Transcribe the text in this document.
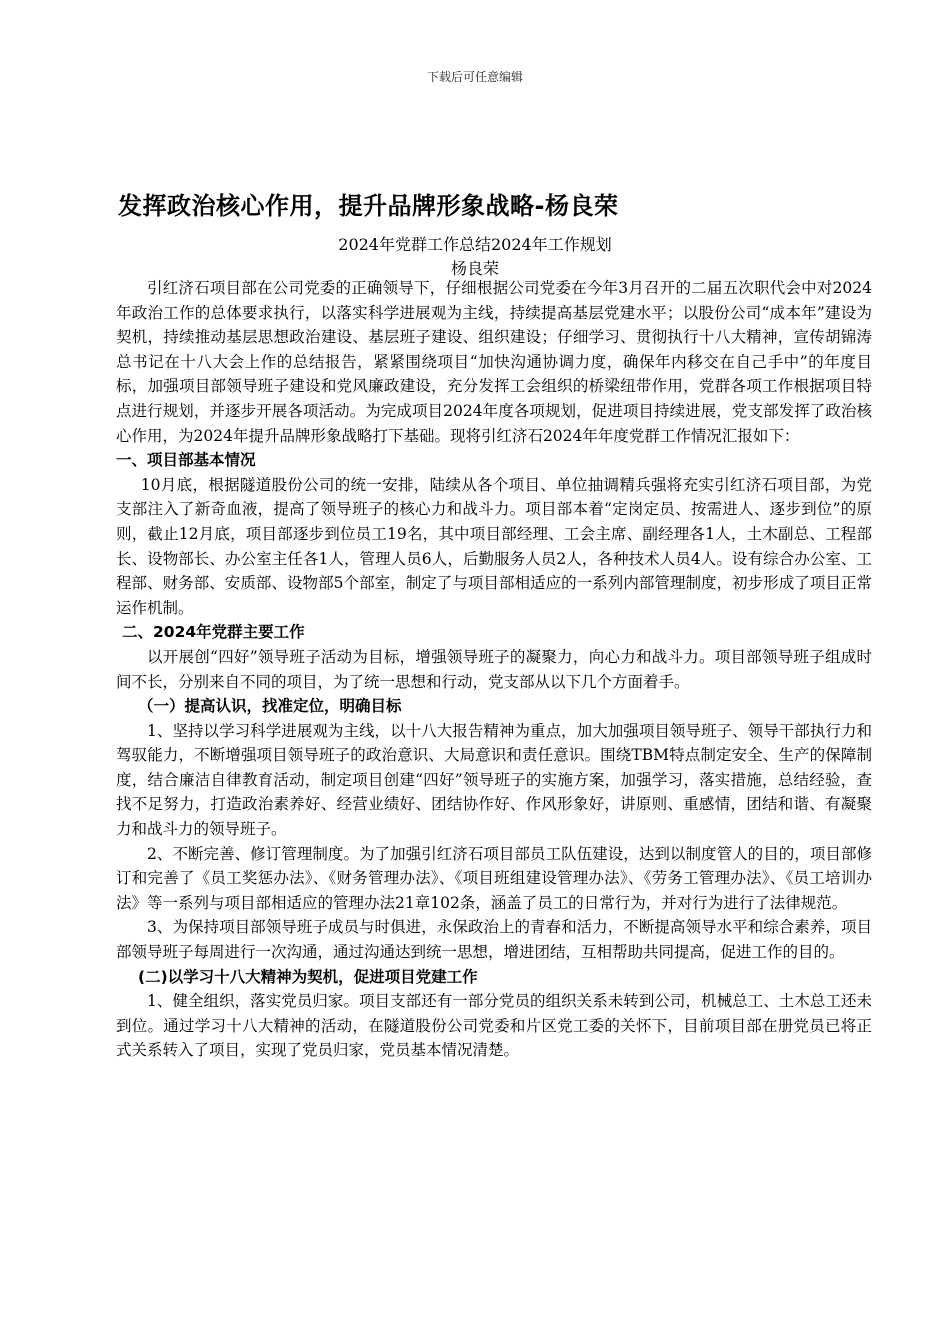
下载后可任意编辑
发挥政治核心作用，提升品牌形象战略-杨良荣
2024年党群工作总结2024年工作规划
杨良荣

引红济石项目部在公司党委的正确领导下，仔细根据公司党委在今年3月召开的二届五次职代会中对2024年政治工作的总体要求执行，以落实科学进展观为主线，持续提高基层党建水平；以股份公司“成本年”建设为契机，持续推动基层思想政治建设、基层班子建设、组织建设；仔细学习、贯彻执行十八大精神，宣传胡锦涛总书记在十八大会上作的总结报告，紧紧围绕项目“加快沟通协调力度，确保年内移交在自己手中”的年度目标，加强项目部领导班子建设和党风廉政建设，充分发挥工会组织的桥梁纽带作用，党群各项工作根据项目特点进行规划，并逐步开展各项活动。为完成项目2024年度各项规划，促进项目持续进展，党支部发挥了政治核心作用，为2024年提升品牌形象战略打下基础。现将引红济石2024年年度党群工作情况汇报如下：

一、项目部基本情况

10月底，根据隧道股份公司的统一安排，陆续从各个项目、单位抽调精兵强将充实引红济石项目部，为党支部注入了新奇血液，提高了领导班子的核心力和战斗力。项目部本着“定岗定员、按需进人、逐步到位”的原则，截止12月底，项目部逐步到位员工19名，其中项目部经理、工会主席、副经理各1人，土木副总、工程部长、设物部长、办公室主任各1人，管理人员6人，后勤服务人员2人，各种技术人员4人。设有综合办公室、工程部、财务部、安质部、设物部5个部室，制定了与项目部相适应的一系列内部管理制度，初步形成了项目正常运作机制。

二、2024年党群主要工作

以开展创“四好”领导班子活动为目标，增强领导班子的凝聚力，向心力和战斗力。项目部领导班子组成时间不长，分别来自不同的项目，为了统一思想和行动，党支部从以下几个方面着手。

（一）提高认识，找准定位，明确目标

1、坚持以学习科学进展观为主线，以十八大报告精神为重点，加大加强项目领导班子、领导干部执行力和驾驭能力，不断增强项目领导班子的政治意识、大局意识和责任意识。围绕TBM特点制定安全、生产的保障制度，结合廉洁自律教育活动，制定项目创建“四好”领导班子的实施方案，加强学习，落实措施，总结经验，查找不足努力，打造政治素养好、经营业绩好、团结协作好、作风形象好，讲原则、重感情，团结和谐、有凝聚力和战斗力的领导班子。

2、不断完善、修订管理制度。为了加强引红济石项目部员工队伍建设，达到以制度管人的目的，项目部修订和完善了《员工奖惩办法》、《财务管理办法》、《项目班组建设管理办法》、《劳务工管理办法》、《员工培训办法》等一系列与项目部相适应的管理办法21章102条，涵盖了员工的日常行为，并对行为进行了法律规范。

3、为保持项目部领导班子成员与时俱进，永保政治上的青春和活力，不断提高领导水平和综合素养，项目部领导班子每周进行一次沟通，通过沟通达到统一思想，增进团结，互相帮助共同提高，促进工作的目的。

(二)以学习十八大精神为契机，促进项目党建工作

1、健全组织，落实党员归家。项目支部还有一部分党员的组织关系未转到公司，机械总工、土木总工还未到位。通过学习十八大精神的活动，在隧道股份公司党委和片区党工委的关怀下，目前项目部在册党员已将正式关系转入了项目，实现了党员归家，党员基本情况清楚。
